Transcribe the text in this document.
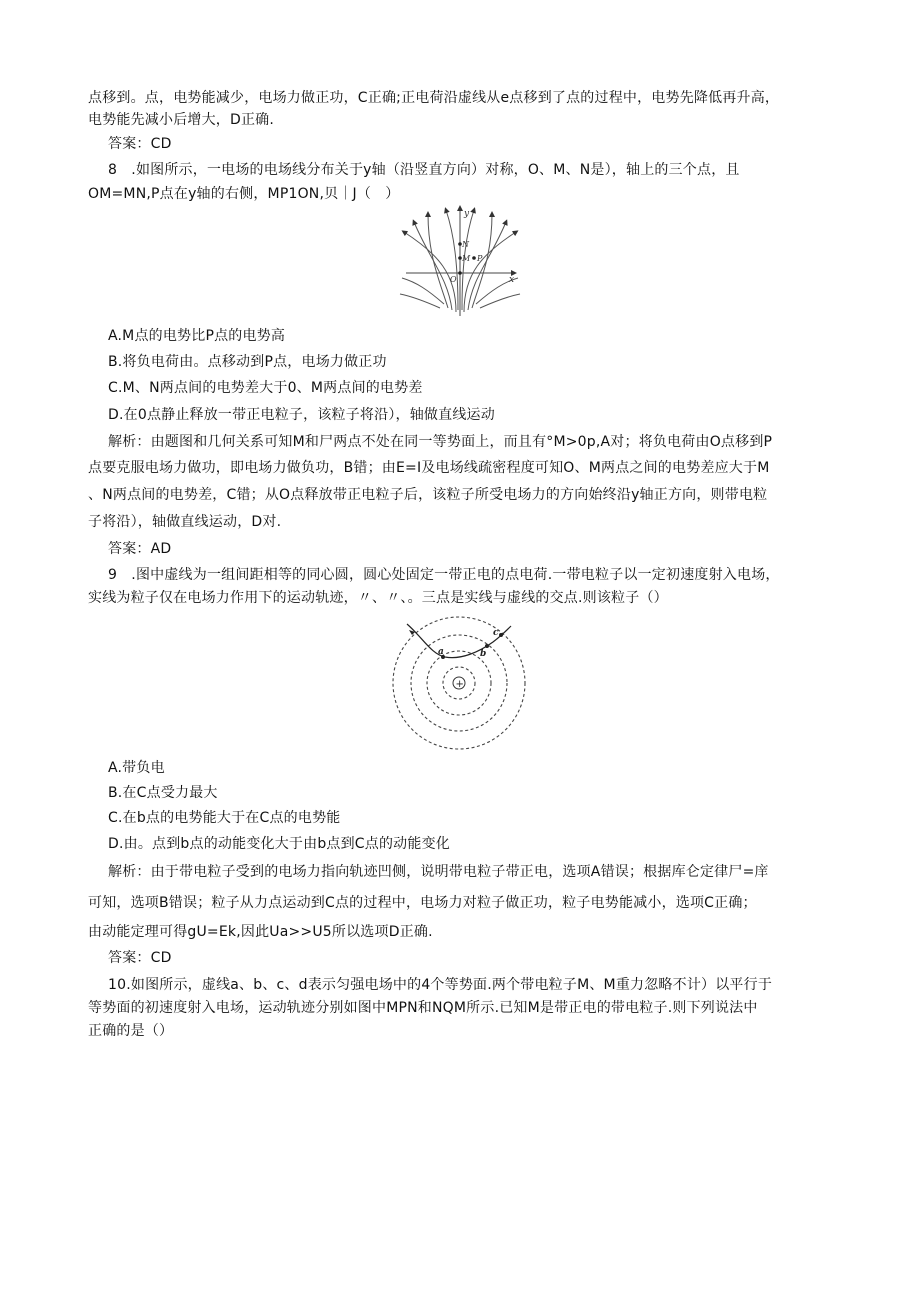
点移到。点，电势能减少，电场力做正功，C正确;正电荷沿虚线从e点移到了点的过程中，电势先降低再升高，
电势能先减小后增大，D正确.
答案：CD
8　.如图所示，一电场的电场线分布关于y轴（沿竖直方向）对称，O、M、N是），轴上的三个点，且
OM=MN,P点在y轴的右侧，MP1ON,贝｜J（　）
y
x
N
M P
O
A.M点的电势比P点的电势高
B.将负电荷由。点移动到P点，电场力做正功
C.M、N两点间的电势差大于0、M两点间的电势差
D.在0点静止释放一带正电粒子，该粒子将沿），轴做直线运动
解析：由题图和几何关系可知M和尸两点不处在同一等势面上，而且有°M>0p,A对；将负电荷由O点移到P
点要克服电场力做功，即电场力做负功，B错；由E=I及电场线疏密程度可知O、M两点之间的电势差应大于M
、N两点间的电势差，C错；从O点释放带正电粒子后，该粒子所受电场力的方向始终沿y轴正方向，则带电粒
子将沿），轴做直线运动，D对.
答案：AD
9　.图中虚线为一组间距相等的同心圆，圆心处固定一带正电的点电荷.一带电粒子以一定初速度射入电场，
实线为粒子仅在电场力作用下的运动轨迹，〃、〃、。三点是实线与虚线的交点.则该粒子（）
+
a	b
c
A.带负电
B.在C点受力最大
C.在b点的电势能大于在C点的电势能
D.由。点到b点的动能变化大于由b点到C点的动能变化
解析：由于带电粒子受到的电场力指向轨迹凹侧，说明带电粒子带正电，选项A错误；根据库仑定律尸=庠
可知，选项B错误；粒子从力点运动到C点的过程中，电场力对粒子做正功，粒子电势能减小，选项C正确；
由动能定理可得gU=Ek,因此Ua>>U5所以选项D正确.
答案：CD
10.如图所示，虚线a、b、c、d表示匀强电场中的4个等势面.两个带电粒子M、M重力忽略不计）以平行于
等势面的初速度射入电场，运动轨迹分别如图中MPN和NQM所示.已知M是带正电的带电粒子.则下列说法中
正确的是（）
